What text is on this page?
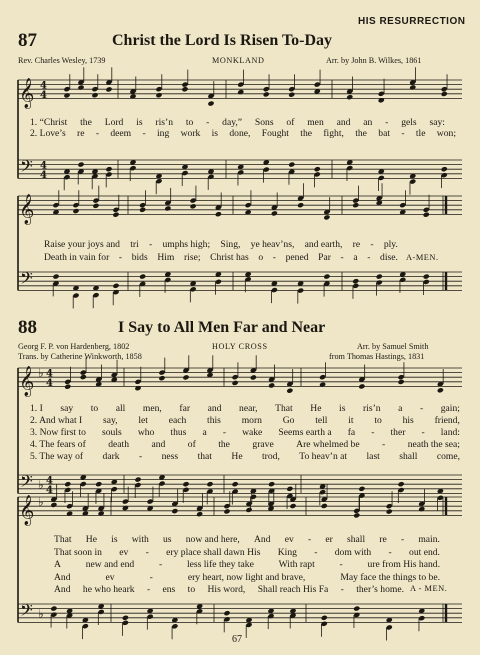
HIS RESURRECTION
87	Christ the Lord Is Risen To-Day
Rev. Charles Wesley, 1739	MONKLAND	Arr. by John B. Wilkes, 1861
88	I Say to All Men Far and Near
Georg F. P. von Hardenberg, 1802
Trans. by Catherine Winkworth, 1858
HOLY CROSS	Arr. by Samuel Smith
from Thomas Hastings, 1831
𝄞 4
4
𝄢 4
4
𝄞
𝄢
𝄞 ♭ 4
4
𝄢 ♭ 4
4
𝄞 ♭
𝄢 ♭
1. “Christ the Lord is ris’n to - day,” Sons of men and an - gels say:
2. Love’s re - deem - ing work is done, Fought the fight, the bat - tle won;
Raise your joys and tri - umphs high; Sing, ye heav’ns, and earth, re - ply.
Death in vain for - bids Him rise; Christ has o - pened Par - a - dise.
1. I say to all men, far and near, That He is ris’n a - gain;
2. And what I say, let each this morn Go tell it to his friend,
3. Now first to souls who thus a - wake Seems earth a fa - ther - land:
4. The fears of death and of the grave Are whelmed be - neath the sea;
5. The way of dark - ness that He trod, To heav’n at last shall come,
That He is with us now and here, And ev - er shall re - main.
That soon in ev - ery place shall dawn His King - dom with - out end.
A	new and end	-	less life they take	With rapt	-	ure from His hand.
And	ev	-	ery heart, now light and brave,	May face the things to be.
And he who heark - ens to His word, Shall reach His Fa - ther’s home.
A-MEN.
A - MEN.
67
